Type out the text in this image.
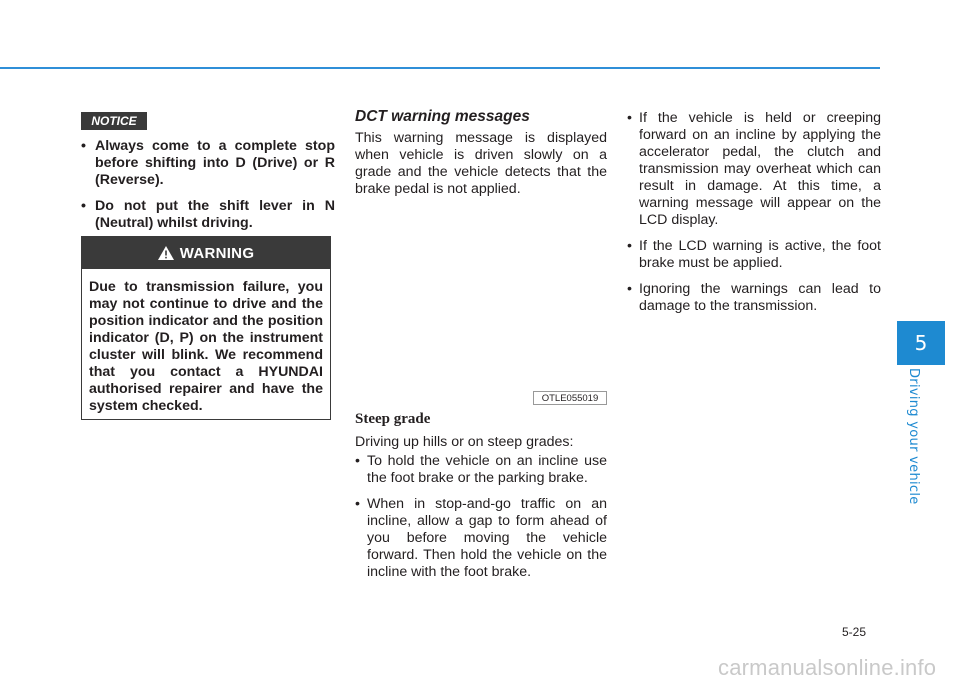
NOTICE
• Always come to a complete stop before shifting into D (Drive) or R (Reverse).
• Do not put the shift lever in N (Neutral) whilst driving.
WARNING
Due to transmission failure, you may not continue to drive and the position indicator and the position indicator (D, P) on the instrument cluster will blink. We recommend that you contact a HYUNDAI authorised repairer and have the system checked.
DCT warning messages
This warning message is displayed when vehicle is driven slowly on a grade and the vehicle detects that the brake pedal is not applied.
OTLE055019
Steep grade
Driving up hills or on steep grades:
• To hold the vehicle on an incline use the foot brake or the parking brake.
• When in stop-and-go traffic on an incline, allow a gap to form ahead of you before moving the vehicle forward. Then hold the vehicle on the incline with the foot brake.
• If the vehicle is held or creeping forward on an incline by applying the accelerator pedal, the clutch and transmission may overheat which can result in damage. At this time, a warning message will appear on the LCD display.
• If the LCD warning is active, the foot brake must be applied.
• Ignoring the warnings can lead to damage to the transmission.
5
Driving your vehicle
5-25
carmanualsonline.info
